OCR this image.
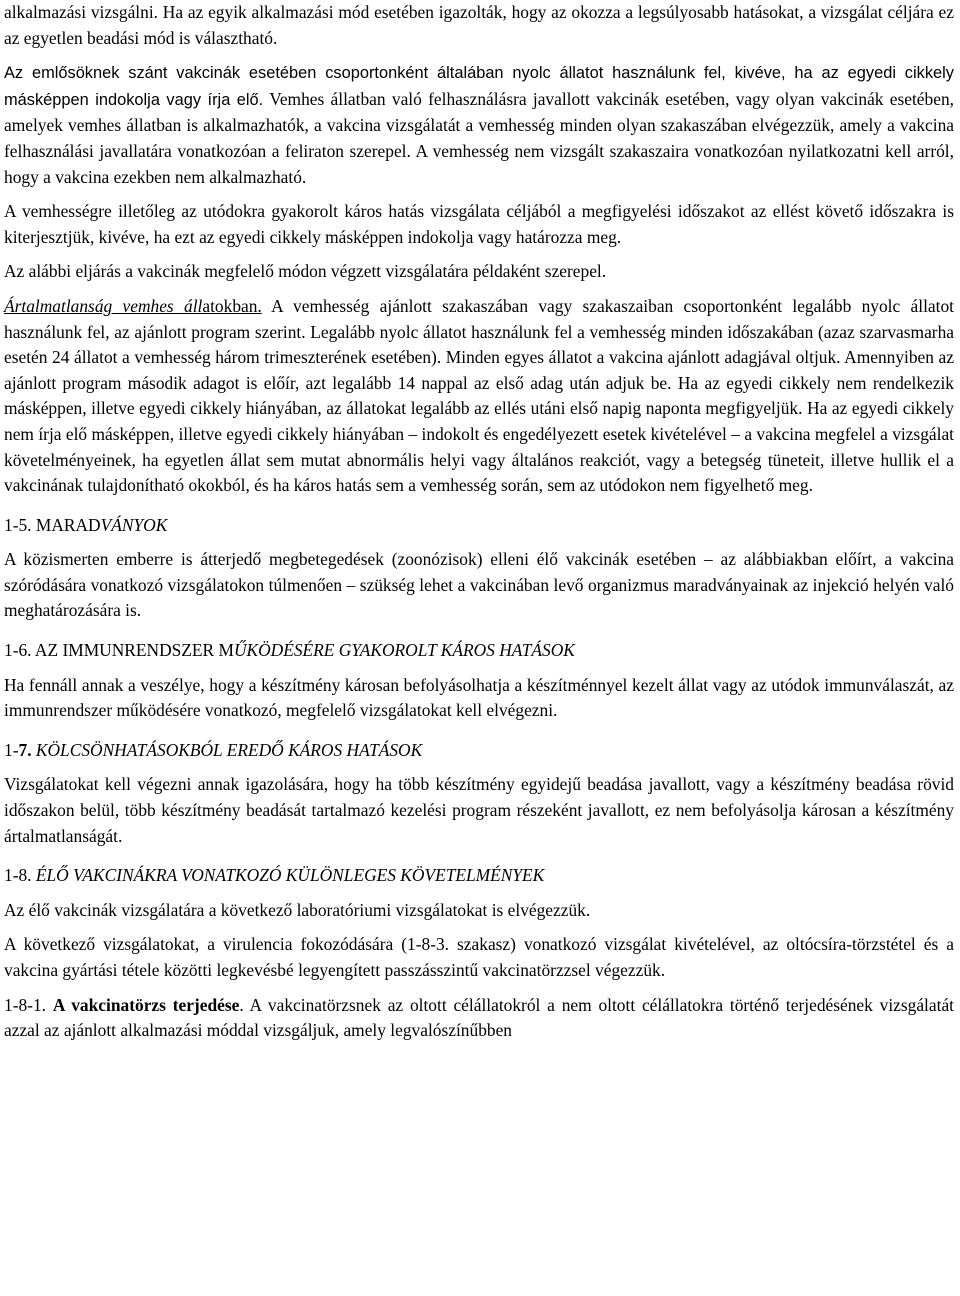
alkalmazási vizsgálni. Ha az egyik alkalmazási mód esetében igazolták, hogy az okozza a legsúlyosabb hatásokat, a vizsgálat céljára ez az egyetlen beadási mód is választható.

Az emlősöknek szánt vakcinák esetében csoportonként általában nyolc állatot használunk fel, kivéve, ha az egyedi cikkely másképpen indokolja vagy írja elő. Vemhes állatban való felhasználásra javallott vakcinák esetében, vagy olyan vakcinák esetében, amelyek vemhes állatban is alkalmazhatók, a vakcina vizsgálatát a vemhesség minden olyan szakaszában elvégezzük, amely a vakcina felhasználási javallatára vonatkozóan a feliraton szerepel. A vemhesség nem vizsgált szakaszaira vonatkozóan nyilatkozatni kell arról, hogy a vakcina ezekben nem alkalmazható.

A vemhességre illetőleg az utódokra gyakorolt káros hatás vizsgálata céljából a megfigyelési időszakot az ellést követő időszakra is kiterjesztjük, kivéve, ha ezt az egyedi cikkely másképpen indokolja vagy határozza meg.

Az alábbi eljárás a vakcinák megfelelő módon végzett vizsgálatára példaként szerepel.

Ártalmatlanság vemhes állatokban. A vemhesség ajánlott szakaszában vagy szakaszaiban csoportonként legalább nyolc állatot használunk fel, az ajánlott program szerint. Legalább nyolc állatot használunk fel a vemhesség minden időszakában (azaz szarvasmarha esetén 24 állatot a vemhesség három trimeszterének esetében). Minden egyes állatot a vakcina ajánlott adagjával oltjuk. Amennyiben az ajánlott program második adagot is előír, azt legalább 14 nappal az első adag után adjuk be. Ha az egyedi cikkely nem rendelkezik másképpen, illetve egyedi cikkely hiányában, az állatokat legalább az ellés utáni első napig naponta megfigyeljük. Ha az egyedi cikkely nem írja elő másképpen, illetve egyedi cikkely hiányában – indokolt és engedélyezett esetek kivételével – a vakcina megfelel a vizsgálat követelményeinek, ha egyetlen állat sem mutat abnormális helyi vagy általános reakciót, vagy a betegség tüneteit, illetve hullik el a vakcinának tulajdonítható okokból, és ha káros hatás sem a vemhesség során, sem az utódokon nem figyelhető meg.

1-5. MARADVÁNYOK

A közismerten emberre is átterjedő megbetegedések (zoonózisok) elleni élő vakcinák esetében – az alábbiakban előírt, a vakcina szóródására vonatkozó vizsgálatokon túlmenően – szükség lehet a vakcinában levő organizmus maradványainak az injekció helyén való meghatározására is.

1-6. AZ IMMUNRENDSZER MŰKÖDÉSÉRE GYAKOROLT KÁROS HATÁSOK

Ha fennáll annak a veszélye, hogy a készítmény károsan befolyásolhatja a készítménnyel kezelt állat vagy az utódok immunválaszát, az immunrendszer működésére vonatkozó, megfelelő vizsgálatokat kell elvégezni.

1-7. KÖLCSÖNHATÁSOKBÓL EREDŐ KÁROS HATÁSOK

Vizsgálatokat kell végezni annak igazolására, hogy ha több készítmény egyidejű beadása javallott, vagy a készítmény beadása rövid időszakon belül, több készítmény beadását tartalmazó kezelési program részeként javallott, ez nem befolyásolja károsan a készítmény ártalmatlanságát.

1-8. ÉLŐ VAKCINÁKRA VONATKOZÓ KÜLÖNLEGES KÖVETELMÉNYEK

Az élő vakcinák vizsgálatára a következő laboratóriumi vizsgálatokat is elvégezzük.

A következő vizsgálatokat, a virulencia fokozódására (1-8-3. szakasz) vonatkozó vizsgálat kivételével, az oltócsíra-törzstétel és a vakcina gyártási tétele közötti legkevésbé legyengített passzásszintű vakcinatörzzsel végezzük.

1-8-1. A vakcinatörzs terjedése. A vakcinatörzsnek az oltott célállatokról a nem oltott célállatokra történő terjedésének vizsgálatát azzal az ajánlott alkalmazási móddal vizsgáljuk, amely legvalószínűbben
